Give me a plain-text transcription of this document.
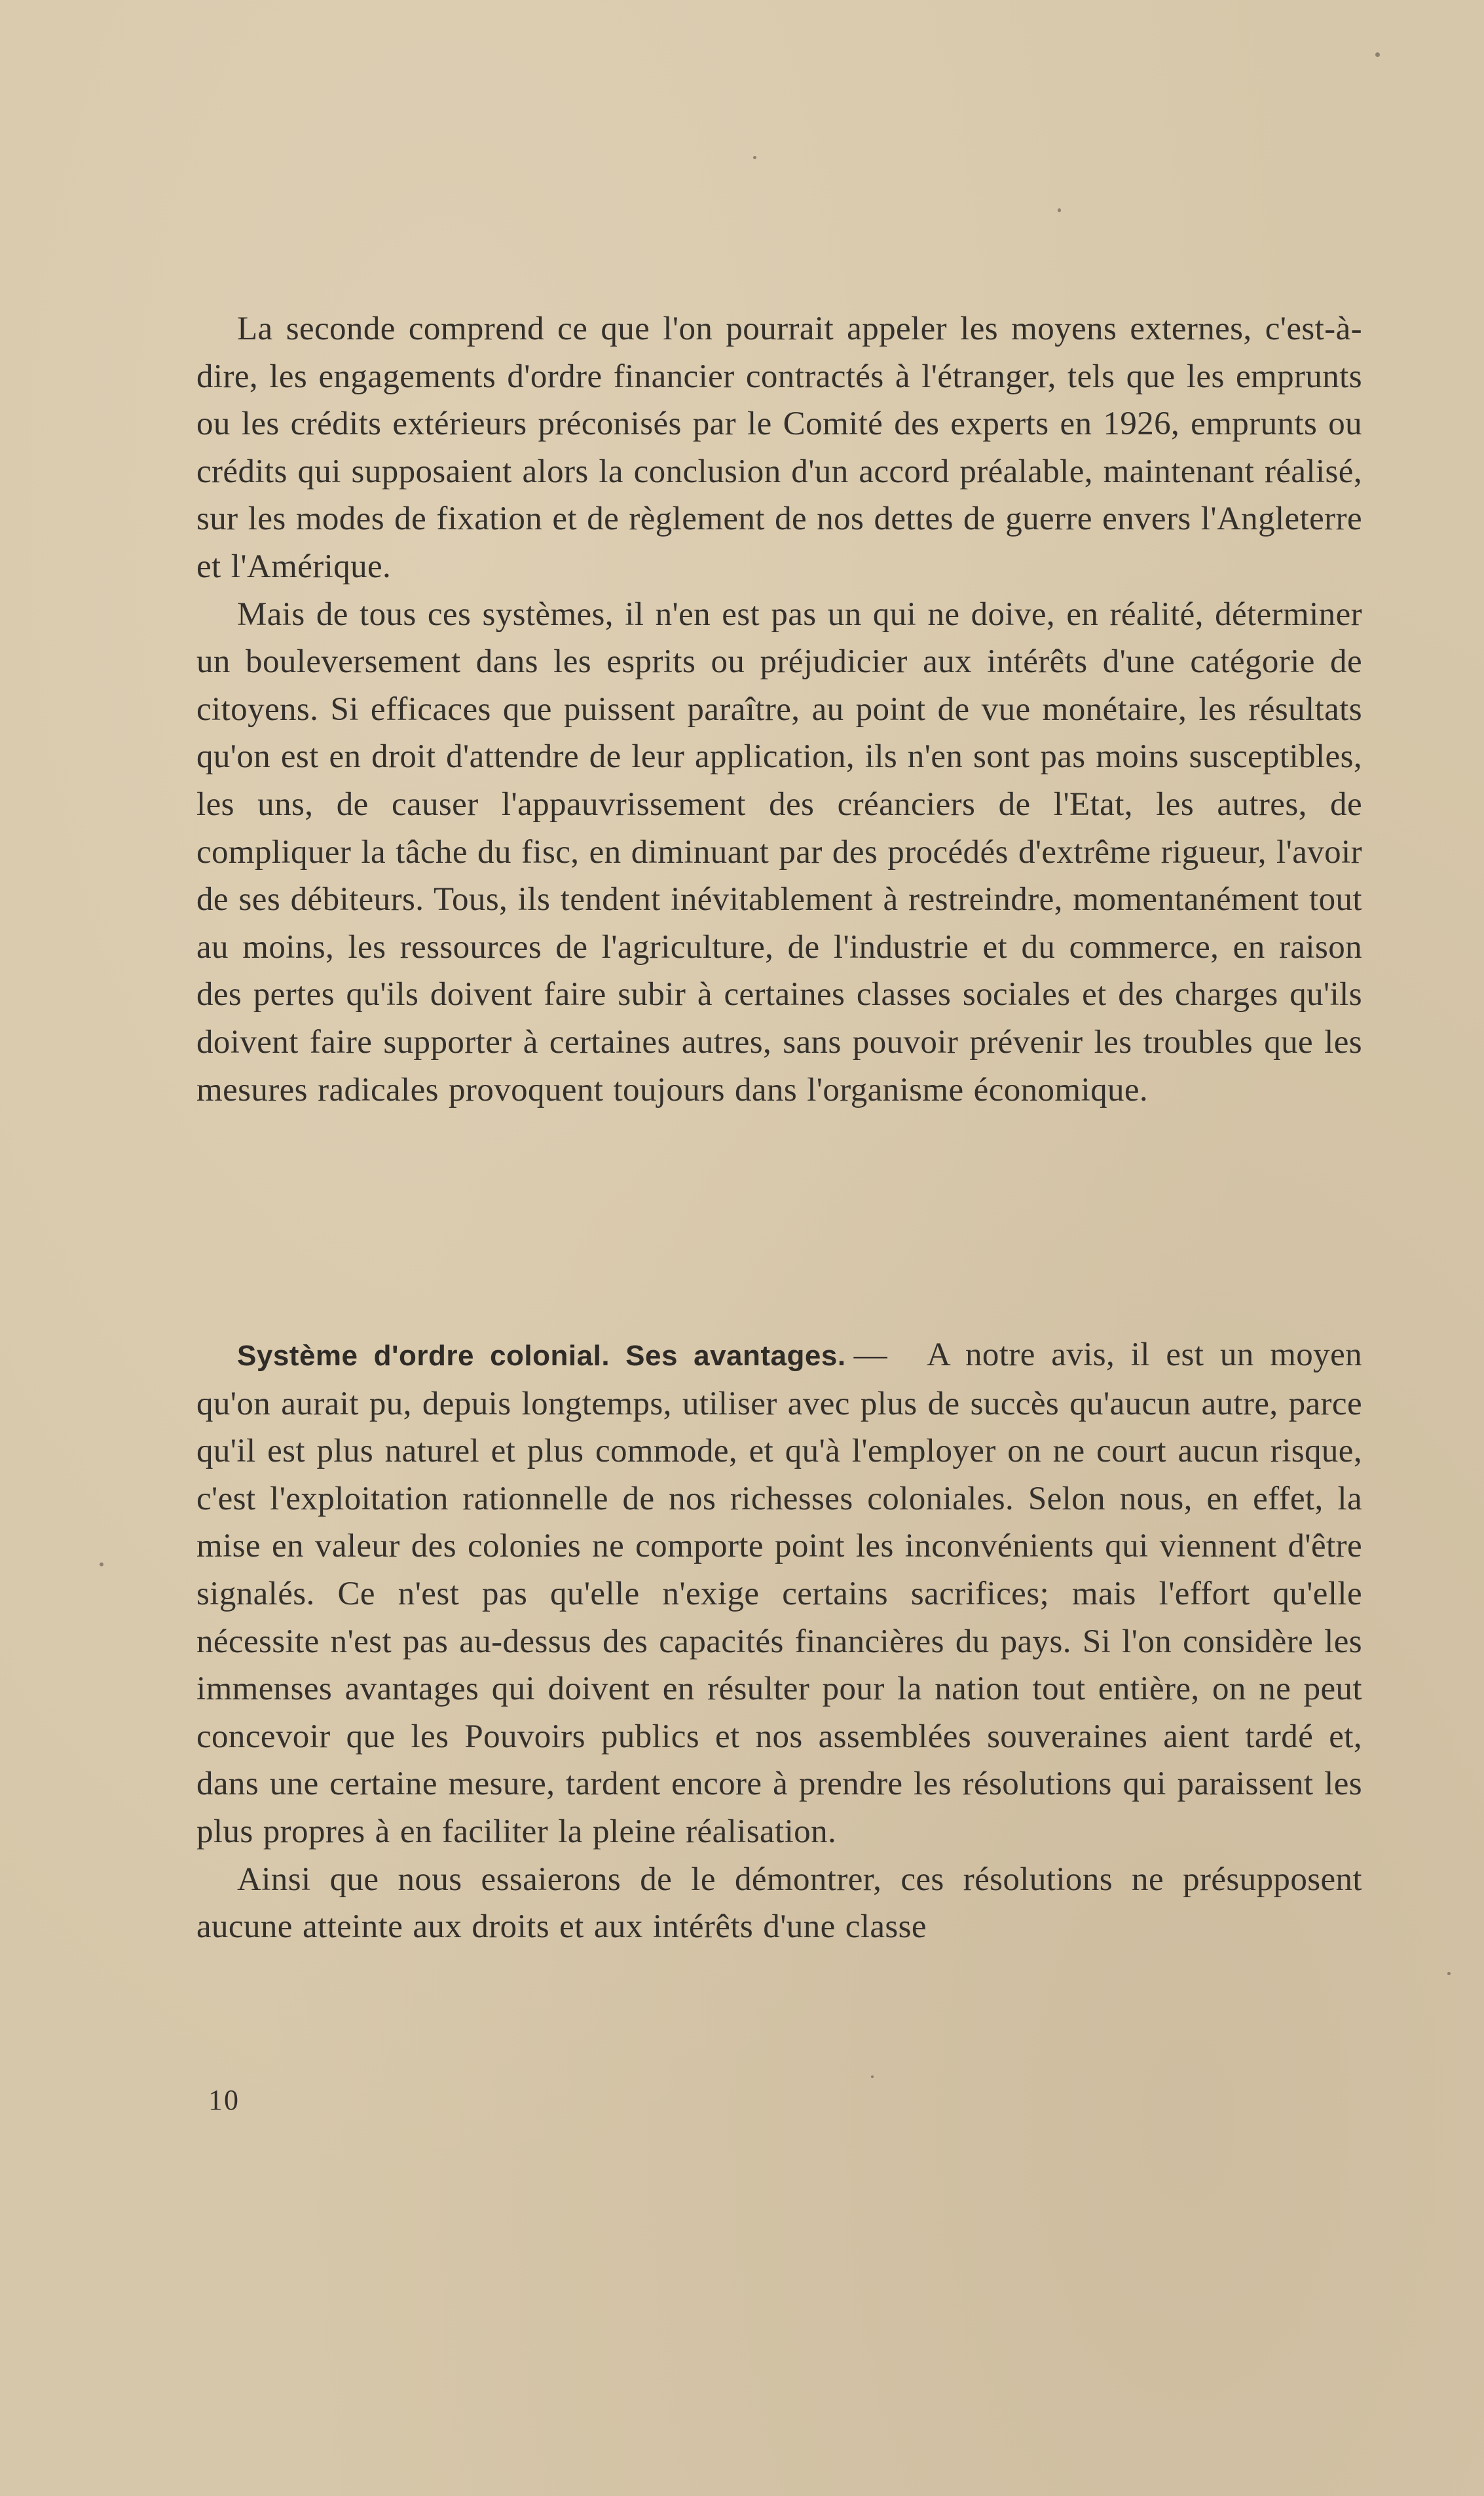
La seconde comprend ce que l'on pourrait appeler les moyens externes, c'est-à-dire, les engagements d'ordre financier contractés à l'étranger, tels que les emprunts ou les crédits extérieurs préconisés par le Comité des experts en 1926, emprunts ou crédits qui supposaient alors la conclusion d'un accord préalable, maintenant réalisé, sur les modes de fixation et de règlement de nos dettes de guerre envers l'Angleterre et l'Amérique.

Mais de tous ces systèmes, il n'en est pas un qui ne doive, en réalité, déterminer un bouleversement dans les esprits ou préjudicier aux intérêts d'une catégorie de citoyens. Si efficaces que puissent paraître, au point de vue monétaire, les résultats qu'on est en droit d'attendre de leur application, ils n'en sont pas moins susceptibles, les uns, de causer l'appauvrissement des créanciers de l'Etat, les autres, de compliquer la tâche du fisc, en diminuant par des procédés d'extrême rigueur, l'avoir de ses débiteurs. Tous, ils tendent inévitablement à restreindre, momentanément tout au moins, les ressources de l'agriculture, de l'industrie et du commerce, en raison des pertes qu'ils doivent faire subir à certaines classes sociales et des charges qu'ils doivent faire supporter à certaines autres, sans pouvoir prévenir les troubles que les mesures radicales provoquent toujours dans l'organisme économique.

Système d'ordre colonial. Ses avantages. — A notre avis, il est un moyen qu'on aurait pu, depuis longtemps, utiliser avec plus de succès qu'aucun autre, parce qu'il est plus naturel et plus commode, et qu'à l'employer on ne court aucun risque, c'est l'exploitation rationnelle de nos richesses coloniales. Selon nous, en effet, la mise en valeur des colonies ne comporte point les inconvénients qui viennent d'être signalés. Ce n'est pas qu'elle n'exige certains sacrifices; mais l'effort qu'elle nécessite n'est pas au-dessus des capacités financières du pays. Si l'on considère les immenses avantages qui doivent en résulter pour la nation tout entière, on ne peut concevoir que les Pouvoirs publics et nos assemblées souveraines aient tardé et, dans une certaine mesure, tardent encore à prendre les résolutions qui paraissent les plus propres à en faciliter la pleine réalisation.

Ainsi que nous essaierons de le démontrer, ces résolutions ne présupposent aucune atteinte aux droits et aux intérêts d'une classe

10
